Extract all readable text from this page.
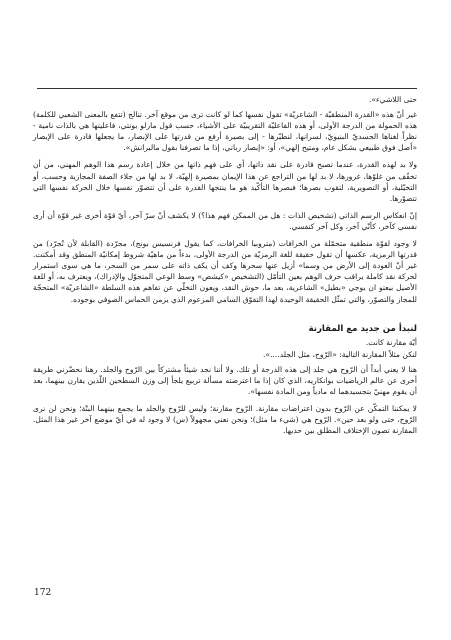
حتى اللاشيء».

غير أنّ هذه «القدرة المنطقيّة - الشاعريّة» تقول نفسها كما لو كانت ترى من موقع آخر. تنالج (تتفع بالمعنى الشعبي للكلمة) هذه الحمولة من الدرجة الأولى، أو هذه الفاعليّة التقريبيّة على الأشياء، حسب قول مارلو بونتي، فاعليتها هي بالذات نامية - نظراً لغناها الجسديّ البنيويّ، لسرانها، لنطيّرها - إلى بصيرة أرفع من قدرتها على الإبصار، ما يجعلها قادرة على الإبصار «أصل فوق طبيعي بشكل عام، ومتيح إلهي»، أو: «إبصار رباني، إذا ما تصرفنا بقول مالبرانش».

ولا بد لهذه القدرة، عندما تصبح قادرة على نقد ذاتها، أي على فهم ذاتها من خلال إعادة رسم هذا الوهم المهني، من أن تخفّف من غلوّها، غرورها، لا بد لها من التراجع عن هذا الإيمان بمصيرة إلهيّة، لا بد لها من جلاء الصفة المجازية وحسب، أو التخيّلية، أو التصويرية، لتقوب بصرها؛ فبصرها التأكّيد هو ما ينتجها القدرة على أن تتصوّر نفسها خلال الحركة نفسها التي تتصوّرها.

إنّ انعكاس الرسم الذاتي (تشخيص الذات : هل من الممكن فهم هذا؟) لا يكشف أنّ سرّ آخر، أيّ قوّة أخرى غير قوّة أن أرى نفسي كآخر، كأنّي آخر، وكل آخر كنفسي.

لا وجود لقوّة منطقية متحمّلة من الخرافات (متروبيا الخرافات، كما يقول فرنسيس بونج)، مجرّدة (القابلة لأن تُجرّد) من قدرتها الرمزية، عكسها أن تقول حقيقة للغة الرمزيّة من الدرجة الأولى، بدءاً من ماهيّة شروط إمكانيّة المنطق وقد أمكنت. غير أنّ العودة إلى الأرض من وسما» أزيل عنها سحرها وكف أن يكف ذاته على سمر من السحر، ما هي سوى استمرار لحركة نقد كاملة يراقب حرف الوهم بعين التأمّل (التشخيص «كيشص» وسط الوعي المتجوّل والإدراك)، ويعترف به، أو للغة الأصيل بيعتو ان يوجي «بطيل» الشاعرية، بعد ما، حوش النقد، ويعون التخلّي عن تفاهم هذه السلطة «الشاعريّة» المتحجّة للمجاز والتصوّر، والتي تمثّل الحقيقة الوحيدة لهذا التفوّق السامي المزعوم الذي يزمن الحماس الصوفي بوجوده.

لنبدأ من جديد مع المقارنة
أيّة مقارنة كانت.

لنكن مثلاً المقارنة التالية: «الرّوح، مثل الجلد....».

هنا لا يعني أبداً أن الرّوح هي جلد إلى هذه الدرجة أو تلك. ولا أننا نجد شيئاً مشتركاً بين الرّوح والجلد. رهنا نحضّرني طريقة أخرى عن عالم الرياضيات بوانكاريه، الذي كان إذا ما اعترضته مسألة تربيع يلجأ إلى وزن السطحين اللّذين يقارن بينهما، بعد أن يقوم مهنيّ بتجسيدهما له مادياً ومن المادة نفسها».

لا يمكننا التمكّن عن الرّوح بدون اعتراضات مقارنة. الرّوح مقارنة؛ وليس للرّوح والجلد ما يجمع بينهما البتّة؛ ونحن لن نرى الرّوح، حتى ولو بعد حين». الرّوح هي (شيء ما مثل)؛ ونحن نعني مجهولاً (س) لا وجود له في أيّ موضع آخر غير هذا المثل. المقارنة تصون الإختلاف المطلق بين حديها.

172
